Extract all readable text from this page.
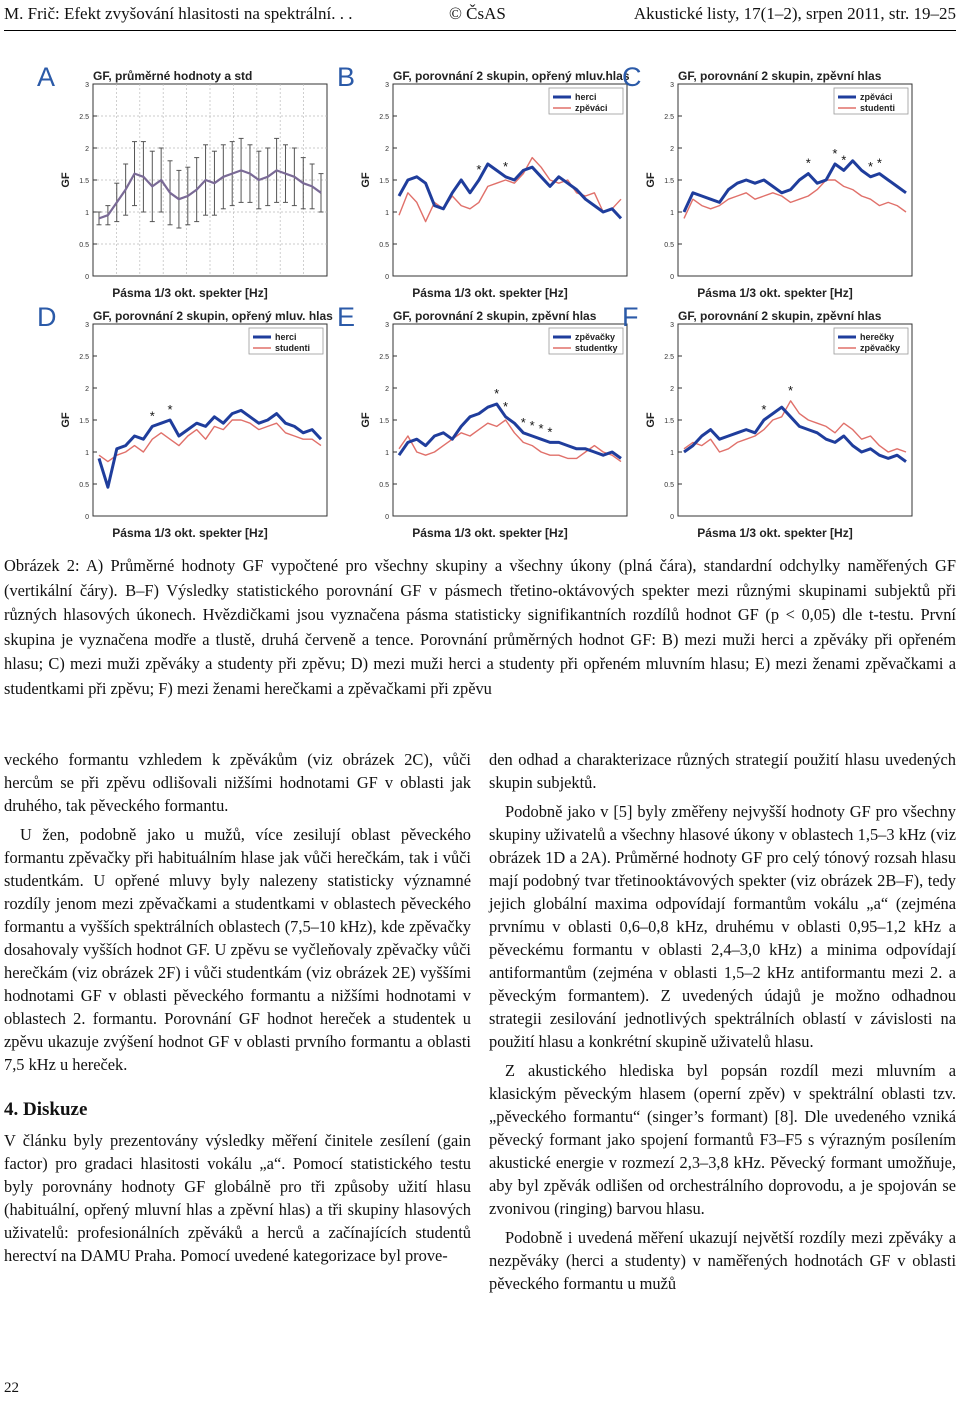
M. Frič: Efekt zvyšování hlasitosti na spektrální. . .	© ČsAS	Akustické listy, 17(1–2), srpen 2011, str. 19–25
A	GF, průměrné hodnoty a std
0
0.5
1
1.5
2
2.5
3
GF
Pásma 1/3 okt. spekter [Hz]
B	GF, porovnání 2 skupin, opřený mluv.hlas
0
0.5
1
1.5
2
2.5
3
GF
* *
herci
zpěváci
Pásma 1/3 okt. spekter [Hz]
C	GF, porovnání 2 skupin, zpěvní hlas
0
0.5
1
1.5
2
2.5
3
GF
*
* * * *
zpěváci
studenti
Pásma 1/3 okt. spekter [Hz]
D	GF, porovnání 2 skupin, opřený mluv. hlas
0
0.5
1
1.5
2
2.5
3
GF	* *
herci
studenti
Pásma 1/3 okt. spekter [Hz]
E	GF, porovnání 2 skupin, zpěvní hlas
0
0.5
1
1.5
2
2.5
3
GF
*
*
* * * *
zpěvačky
studentky
Pásma 1/3 okt. spekter [Hz]
F	GF, porovnání 2 skupin, zpěvní hlas
0
0.5
1
1.5
2
2.5
3
GF
*
*
herečky
zpěvačky
Pásma 1/3 okt. spekter [Hz]
Obrázek 2: A) Průměrné hodnoty GF vypočtené pro všechny skupiny a všechny úkony (plná čára), standardní odchylky naměřených GF (vertikální čáry). B–F) Výsledky statistického porovnání GF v pásmech třetino-oktávových spekter mezi různými skupinami subjektů při různých hlasových úkonech. Hvězdičkami jsou vyznačena pásma statisticky signifikantních rozdílů hodnot GF (p < 0,05) dle t-testu. První skupina je vyznačena modře a tlustě, druhá červeně a tence. Porovnání průměrných hodnot GF: B) mezi muži herci a zpěváky při opřeném hlasu; C) mezi muži zpěváky a studenty při zpěvu; D) mezi muži herci a studenty při opřeném mluvním hlasu; E) mezi ženami zpěvačkami a studentkami při zpěvu; F) mezi ženami herečkami a zpěvačkami při zpěvu

veckého formantu vzhledem k zpěvákům (viz obrázek 2C), vůči hercům se při zpěvu odlišovali nižšími hodnotami GF v oblasti jak druhého, tak pěveckého formantu.

U žen, podobně jako u mužů, více zesilují oblast pěveckého formantu zpěvačky při habituálním hlase jak vůči herečkám, tak i vůči studentkám. U opřené mluvy byly nalezeny statisticky významné rozdíly jenom mezi zpěvačkami a studentkami v oblastech pěveckého formantu a vyšších spektrálních oblastech (7,5–10 kHz), kde zpěvačky dosahovaly vyšších hodnot GF. U zpěvu se vyčleňovaly zpěvačky vůči herečkám (viz obrázek 2F) i vůči studentkám (viz obrázek 2E) vyššími hodnotami GF v oblasti pěveckého formantu a nižšími hodnotami v oblastech 2. formantu. Porovnání GF hodnot hereček a studentek u zpěvu ukazuje zvýšení hodnot GF v oblasti prvního formantu a oblasti 7,5 kHz u hereček.

4. Diskuze

V článku byly prezentovány výsledky měření činitele zesílení (gain factor) pro gradaci hlasitosti vokálu „a“. Pomocí statistického testu byly porovnány hodnoty GF globálně pro tři způsoby užití hlasu (habituální, opřený mluvní hlas a zpěvní hlas) a tři skupiny hlasových uživatelů: profesionálních zpěváků a herců a začínajících studentů herectví na DAMU Praha. Pomocí uvedené kategorizace byl prove-

den odhad a charakterizace různých strategií použití hlasu uvedených skupin subjektů.

Podobně jako v [5] byly změřeny nejvyšší hodnoty GF pro všechny skupiny uživatelů a všechny hlasové úkony v oblastech 1,5–3 kHz (viz obrázek 1D a 2A). Průměrné hodnoty GF pro celý tónový rozsah hlasu mají podobný tvar třetinooktávových spekter (viz obrázek 2B–F), tedy jejich globální maxima odpovídají formantům vokálu „a“ (zejména prvnímu v oblasti 0,6–0,8 kHz, druhému v oblasti 0,95–1,2 kHz a pěveckému formantu v oblasti 2,4–3,0 kHz) a minima odpovídají antiformantům (zejména v oblasti 1,5–2 kHz antiformantu mezi 2. a pěveckým formantem). Z uvedených údajů je možno odhadnou strategii zesilování jednotlivých spektrálních oblastí v závislosti na použití hlasu a konkrétní skupině uživatelů hlasu.

Z akustického hlediska byl popsán rozdíl mezi mluvním a klasickým pěveckým hlasem (operní zpěv) v spektrální oblasti tzv. „pěveckého formantu“ (singer’s formant) [8]. Dle uvedeného vzniká pěvecký formant jako spojení formantů F3–F5 s výrazným posílením akustické energie v rozmezí 2,3–3,8 kHz. Pěvecký formant umožňuje, aby byl zpěvák odlišen od orchestrálního doprovodu, a je spojován se zvonivou (ringing) barvou hlasu.

Podobně i uvedená měření ukazují největší rozdíly mezi zpěváky a nezpěváky (herci a studenty) v naměřených hodnotách GF v oblasti pěveckého formantu u mužů

22
